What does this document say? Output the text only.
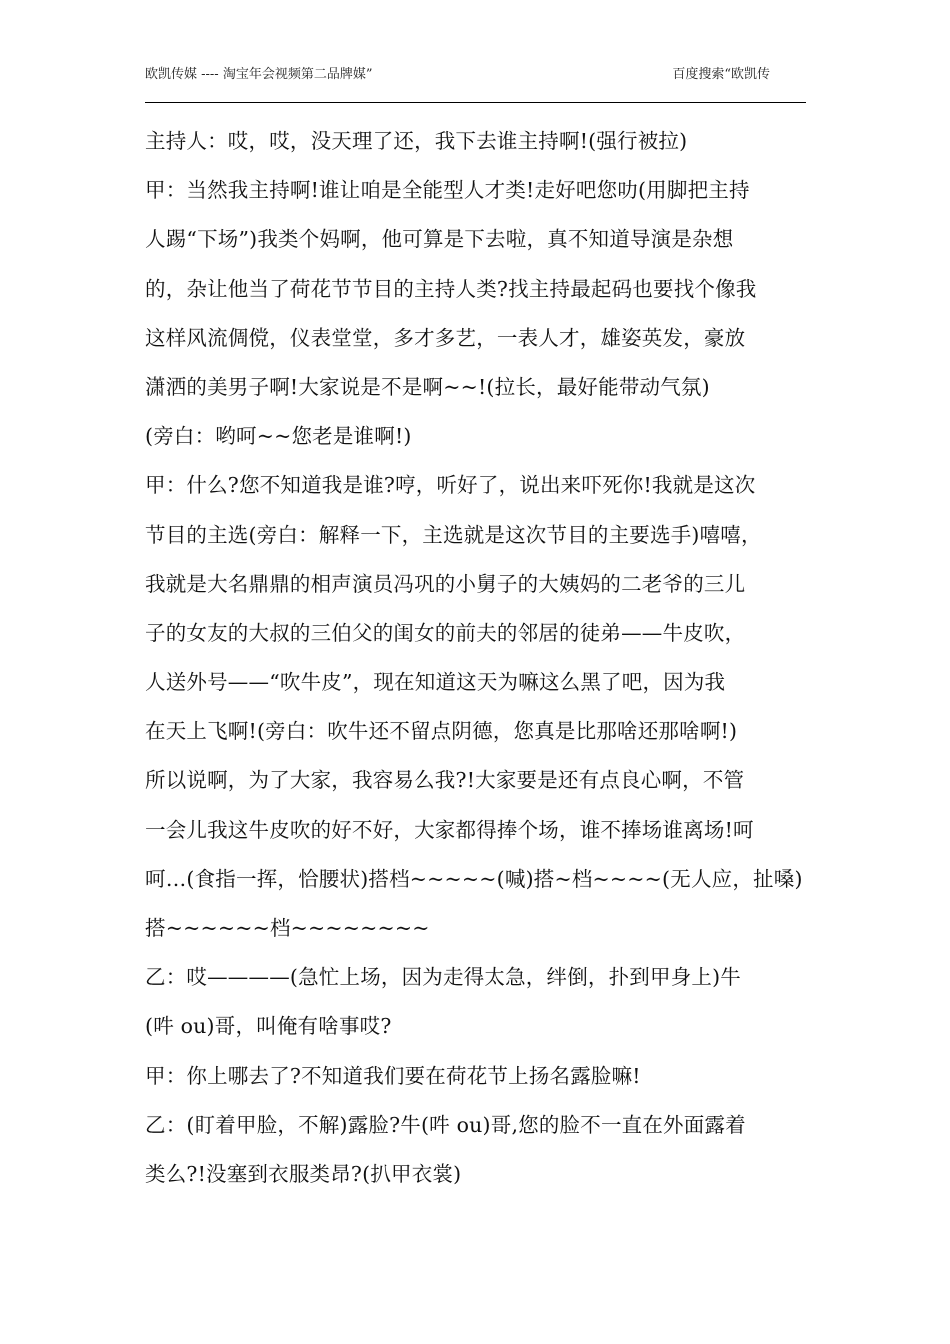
欧凯传媒 ---- 淘宝年会视频第二品牌媒”	百度搜索“欧凯传
主持人：哎，哎，没天理了还，我下去谁主持啊!(强行被拉)
甲：当然我主持啊!谁让咱是全能型人才类!走好吧您叻(用脚把主持
人踢“下场”)我类个妈啊，他可算是下去啦，真不知道导演是杂想
的，杂让他当了荷花节节目的主持人类?找主持最起码也要找个像我
这样风流倜傥，仪表堂堂，多才多艺，一表人才，雄姿英发，豪放
潇洒的美男子啊!大家说是不是啊~~!(拉长，最好能带动气氛)
(旁白：哟呵~~您老是谁啊!)
甲：什么?您不知道我是谁?哼，听好了，说出来吓死你!我就是这次
节目的主选(旁白：解释一下，主选就是这次节目的主要选手)嘻嘻，
我就是大名鼎鼎的相声演员冯巩的小舅子的大姨妈的二老爷的三儿
子的女友的大叔的三伯父的闺女的前夫的邻居的徒弟——牛皮吹，
人送外号——“吹牛皮”，现在知道这天为嘛这么黑了吧，因为我
在天上飞啊!(旁白：吹牛还不留点阴德，您真是比那啥还那啥啊!)
所以说啊，为了大家，我容易么我?!大家要是还有点良心啊，不管
一会儿我这牛皮吹的好不好，大家都得捧个场，谁不捧场谁离场!呵
呵…(食指一挥，恰腰状)搭档~~~~~(喊)搭~档~~~~(无人应，扯嗓)
搭~~~~~~档~~~~~~~~
乙：哎————(急忙上场，因为走得太急，绊倒，扑到甲身上)牛
(吽 ou)哥，叫俺有啥事哎?
甲：你上哪去了?不知道我们要在荷花节上扬名露脸嘛!
乙：(盯着甲脸，不解)露脸?牛(吽 ou)哥,您的脸不一直在外面露着
类么?!没塞到衣服类昂?(扒甲衣裳)
